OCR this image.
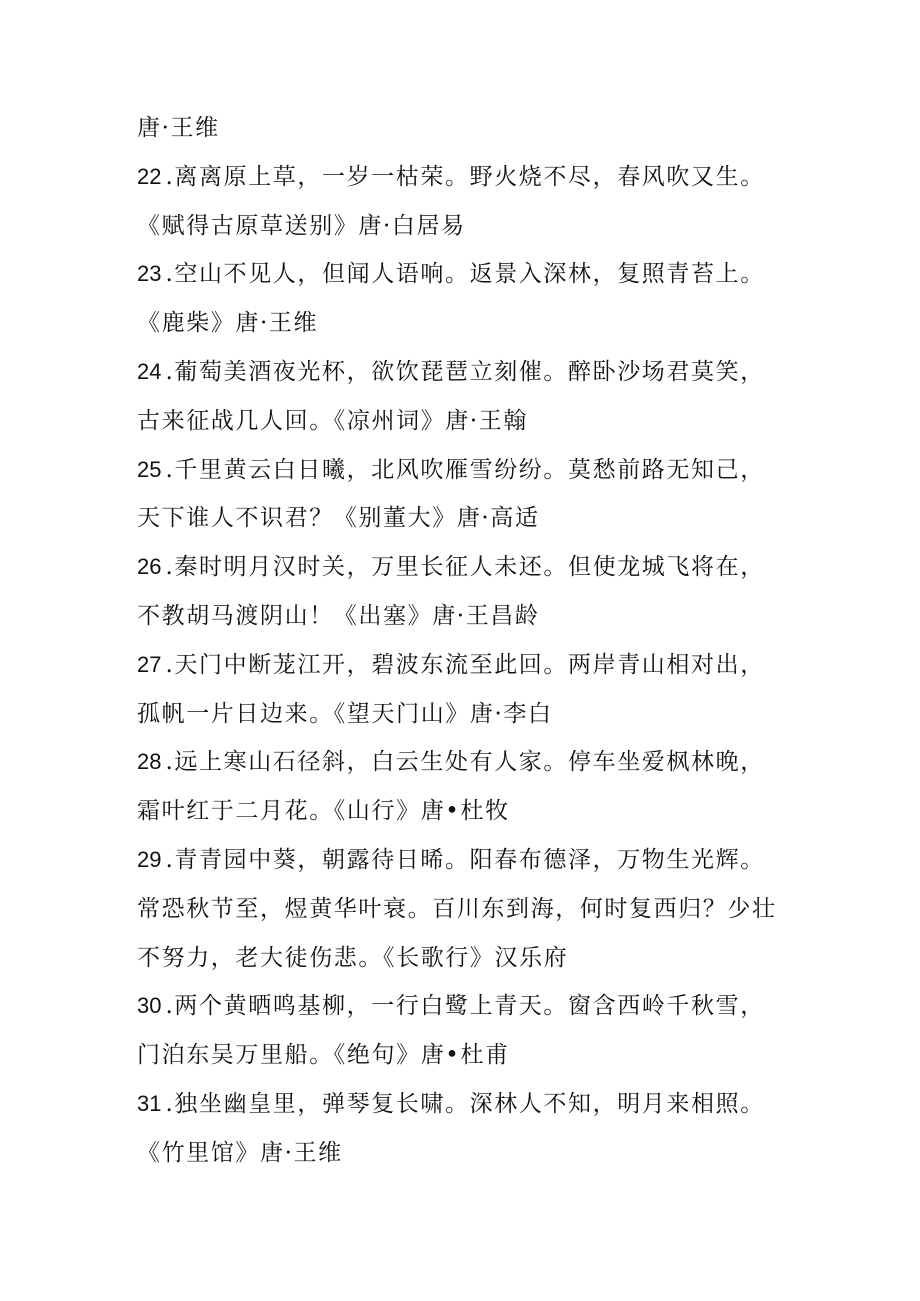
唐·王维
22 .离离原上草，一岁一枯荣。野火烧不尽，春风吹又生。
《赋得古原草送别》唐·白居易
23 .空山不见人，但闻人语响。返景入深林，复照青苔上。
《鹿柴》唐·王维
24 .葡萄美酒夜光杯，欲饮琵琶立刻催。醉卧沙场君莫笑，
古来征战几人回。《凉州词》唐·王翰
25 .千里黄云白日曦，北风吹雁雪纷纷。莫愁前路无知己，
天下谁人不识君？《别董大》唐·高适
26 .秦时明月汉时关，万里长征人未还。但使龙城飞将在，
不教胡马渡阴山！《出塞》唐·王昌龄
27 .天门中断茏江开，碧波东流至此回。两岸青山相对出，
孤帆一片日边来。《望天门山》唐·李白
28 .远上寒山石径斜，白云生处有人家。停车坐爱枫林晚，
霜叶红于二月花。《山行》唐•杜牧
29 .青青园中葵，朝露待日晞。阳春布德泽，万物生光辉。
常恐秋节至，煜黄华叶衰。百川东到海，何时复西归？少壮
不努力，老大徒伤悲。《长歌行》汉乐府
30 .两个黄晒鸣基柳，一行白鹭上青天。窗含西岭千秋雪，
门泊东吴万里船。《绝句》唐•杜甫
31 .独坐幽皇里，弹琴复长啸。深林人不知，明月来相照。
《竹里馆》唐·王维
